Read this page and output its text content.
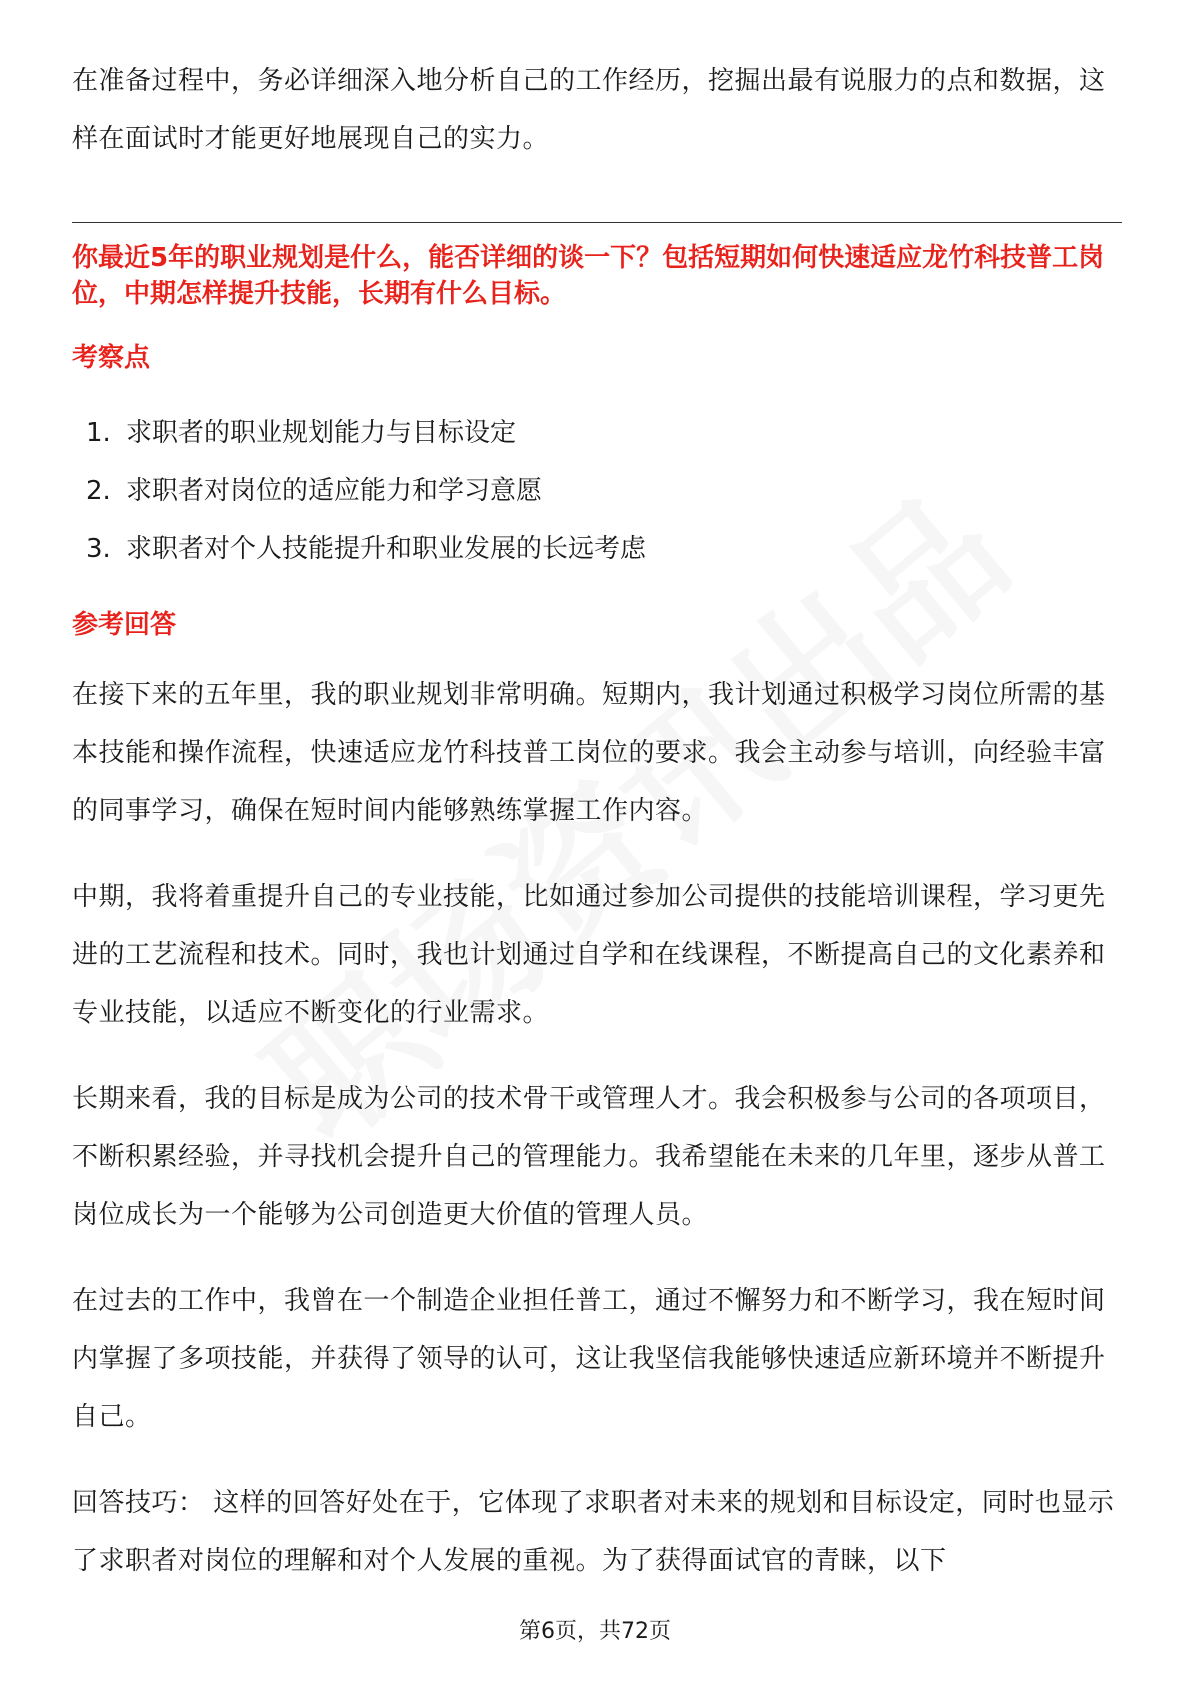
在准备过程中，务必详细深入地分析自己的工作经历，挖掘出最有说服力的点和数据，这样在面试时才能更好地展现自己的实力。

你最近5年的职业规划是什么，能否详细的谈一下？包括短期如何快速适应龙竹科技普工岗位，中期怎样提升技能，长期有什么目标。

考察点

1. 求职者的职业规划能力与目标设定
2. 求职者对岗位的适应能力和学习意愿
3. 求职者对个人技能提升和职业发展的长远考虑

参考回答

在接下来的五年里，我的职业规划非常明确。短期内，我计划通过积极学习岗位所需的基本技能和操作流程，快速适应龙竹科技普工岗位的要求。我会主动参与培训，向经验丰富的同事学习，确保在短时间内能够熟练掌握工作内容。

中期，我将着重提升自己的专业技能，比如通过参加公司提供的技能培训课程，学习更先进的工艺流程和技术。同时，我也计划通过自学和在线课程，不断提高自己的文化素养和专业技能，以适应不断变化的行业需求。

长期来看，我的目标是成为公司的技术骨干或管理人才。我会积极参与公司的各项项目，不断积累经验，并寻找机会提升自己的管理能力。我希望能在未来的几年里，逐步从普工岗位成长为一个能够为公司创造更大价值的管理人员。

在过去的工作中，我曾在一个制造企业担任普工，通过不懈努力和不断学习，我在短时间内掌握了多项技能，并获得了领导的认可，这让我坚信我能够快速适应新环境并不断提升自己。

回答技巧： 这样的回答好处在于，它体现了求职者对未来的规划和目标设定，同时也显示了求职者对岗位的理解和对个人发展的重视。为了获得面试官的青睐，以下

第6页，共72页
